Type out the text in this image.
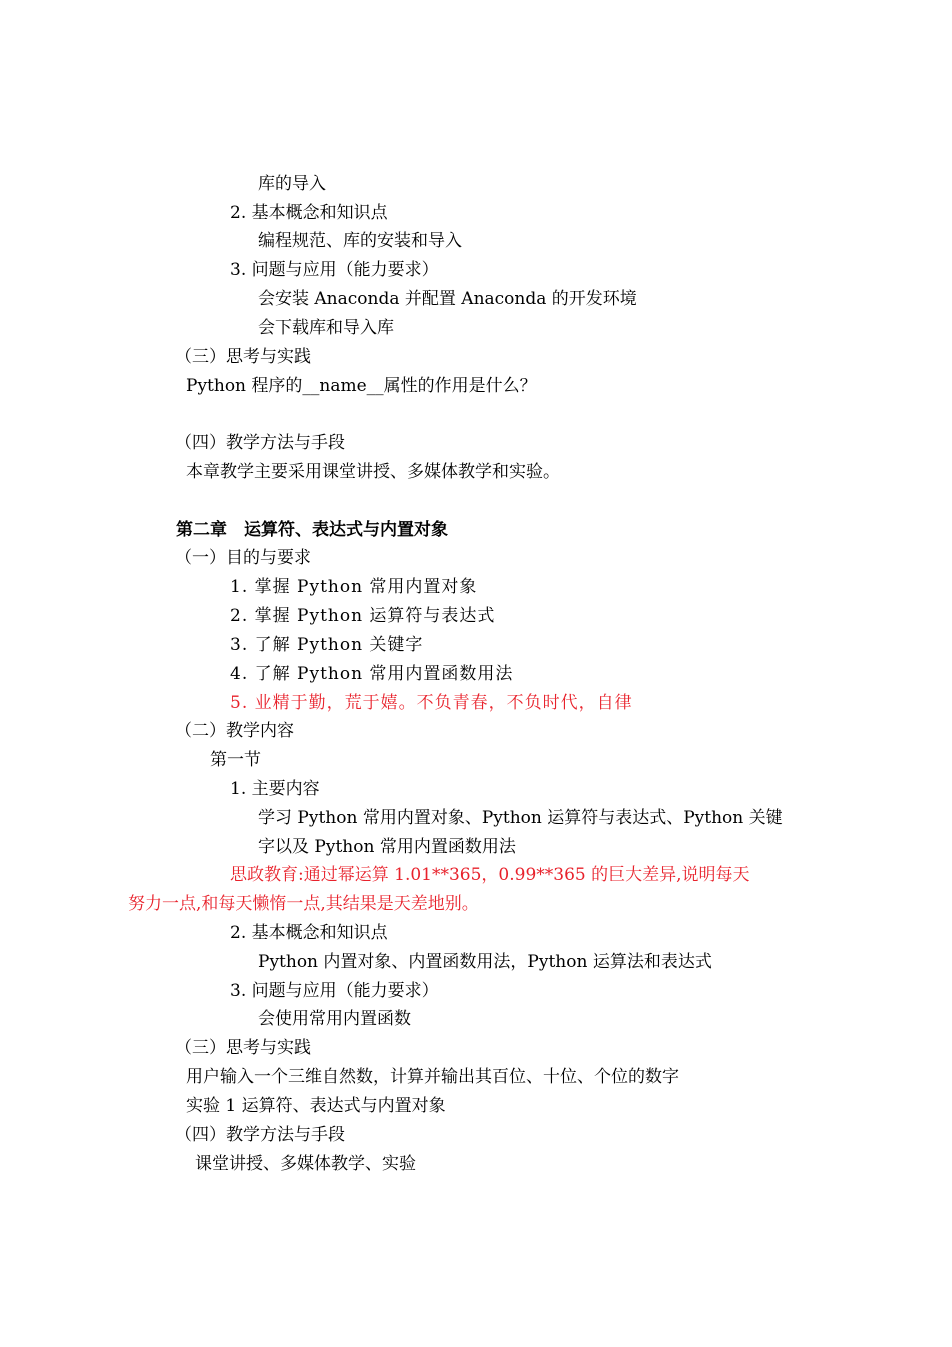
库的导入
2. 基本概念和知识点
编程规范、库的安装和导入
3. 问题与应用（能力要求）
会安装 Anaconda 并配置 Anaconda 的开发环境
会下载库和导入库
（三）思考与实践
Python 程序的__name__属性的作用是什么？
（四）教学方法与手段
本章教学主要采用课堂讲授、多媒体教学和实验。
第二章　运算符、表达式与内置对象
（一）目的与要求
1. 掌握 Python 常用内置对象
2. 掌握 Python 运算符与表达式
3. 了解 Python 关键字
4. 了解 Python 常用内置函数用法
5. 业精于勤，荒于嬉。不负青春，不负时代，自律
（二）教学内容
第一节
1. 主要内容
学习 Python 常用内置对象、Python 运算符与表达式、Python 关键
字以及 Python 常用内置函数用法
思政教育:通过幂运算 1.01**365，0.99**365 的巨大差异,说明每天
努力一点,和每天懒惰一点,其结果是天差地别。
2. 基本概念和知识点
Python 内置对象、内置函数用法，Python 运算法和表达式
3. 问题与应用（能力要求）
会使用常用内置函数
（三）思考与实践
用户输入一个三维自然数，计算并输出其百位、十位、个位的数字
实验 1 运算符、表达式与内置对象
（四）教学方法与手段
课堂讲授、多媒体教学、实验
